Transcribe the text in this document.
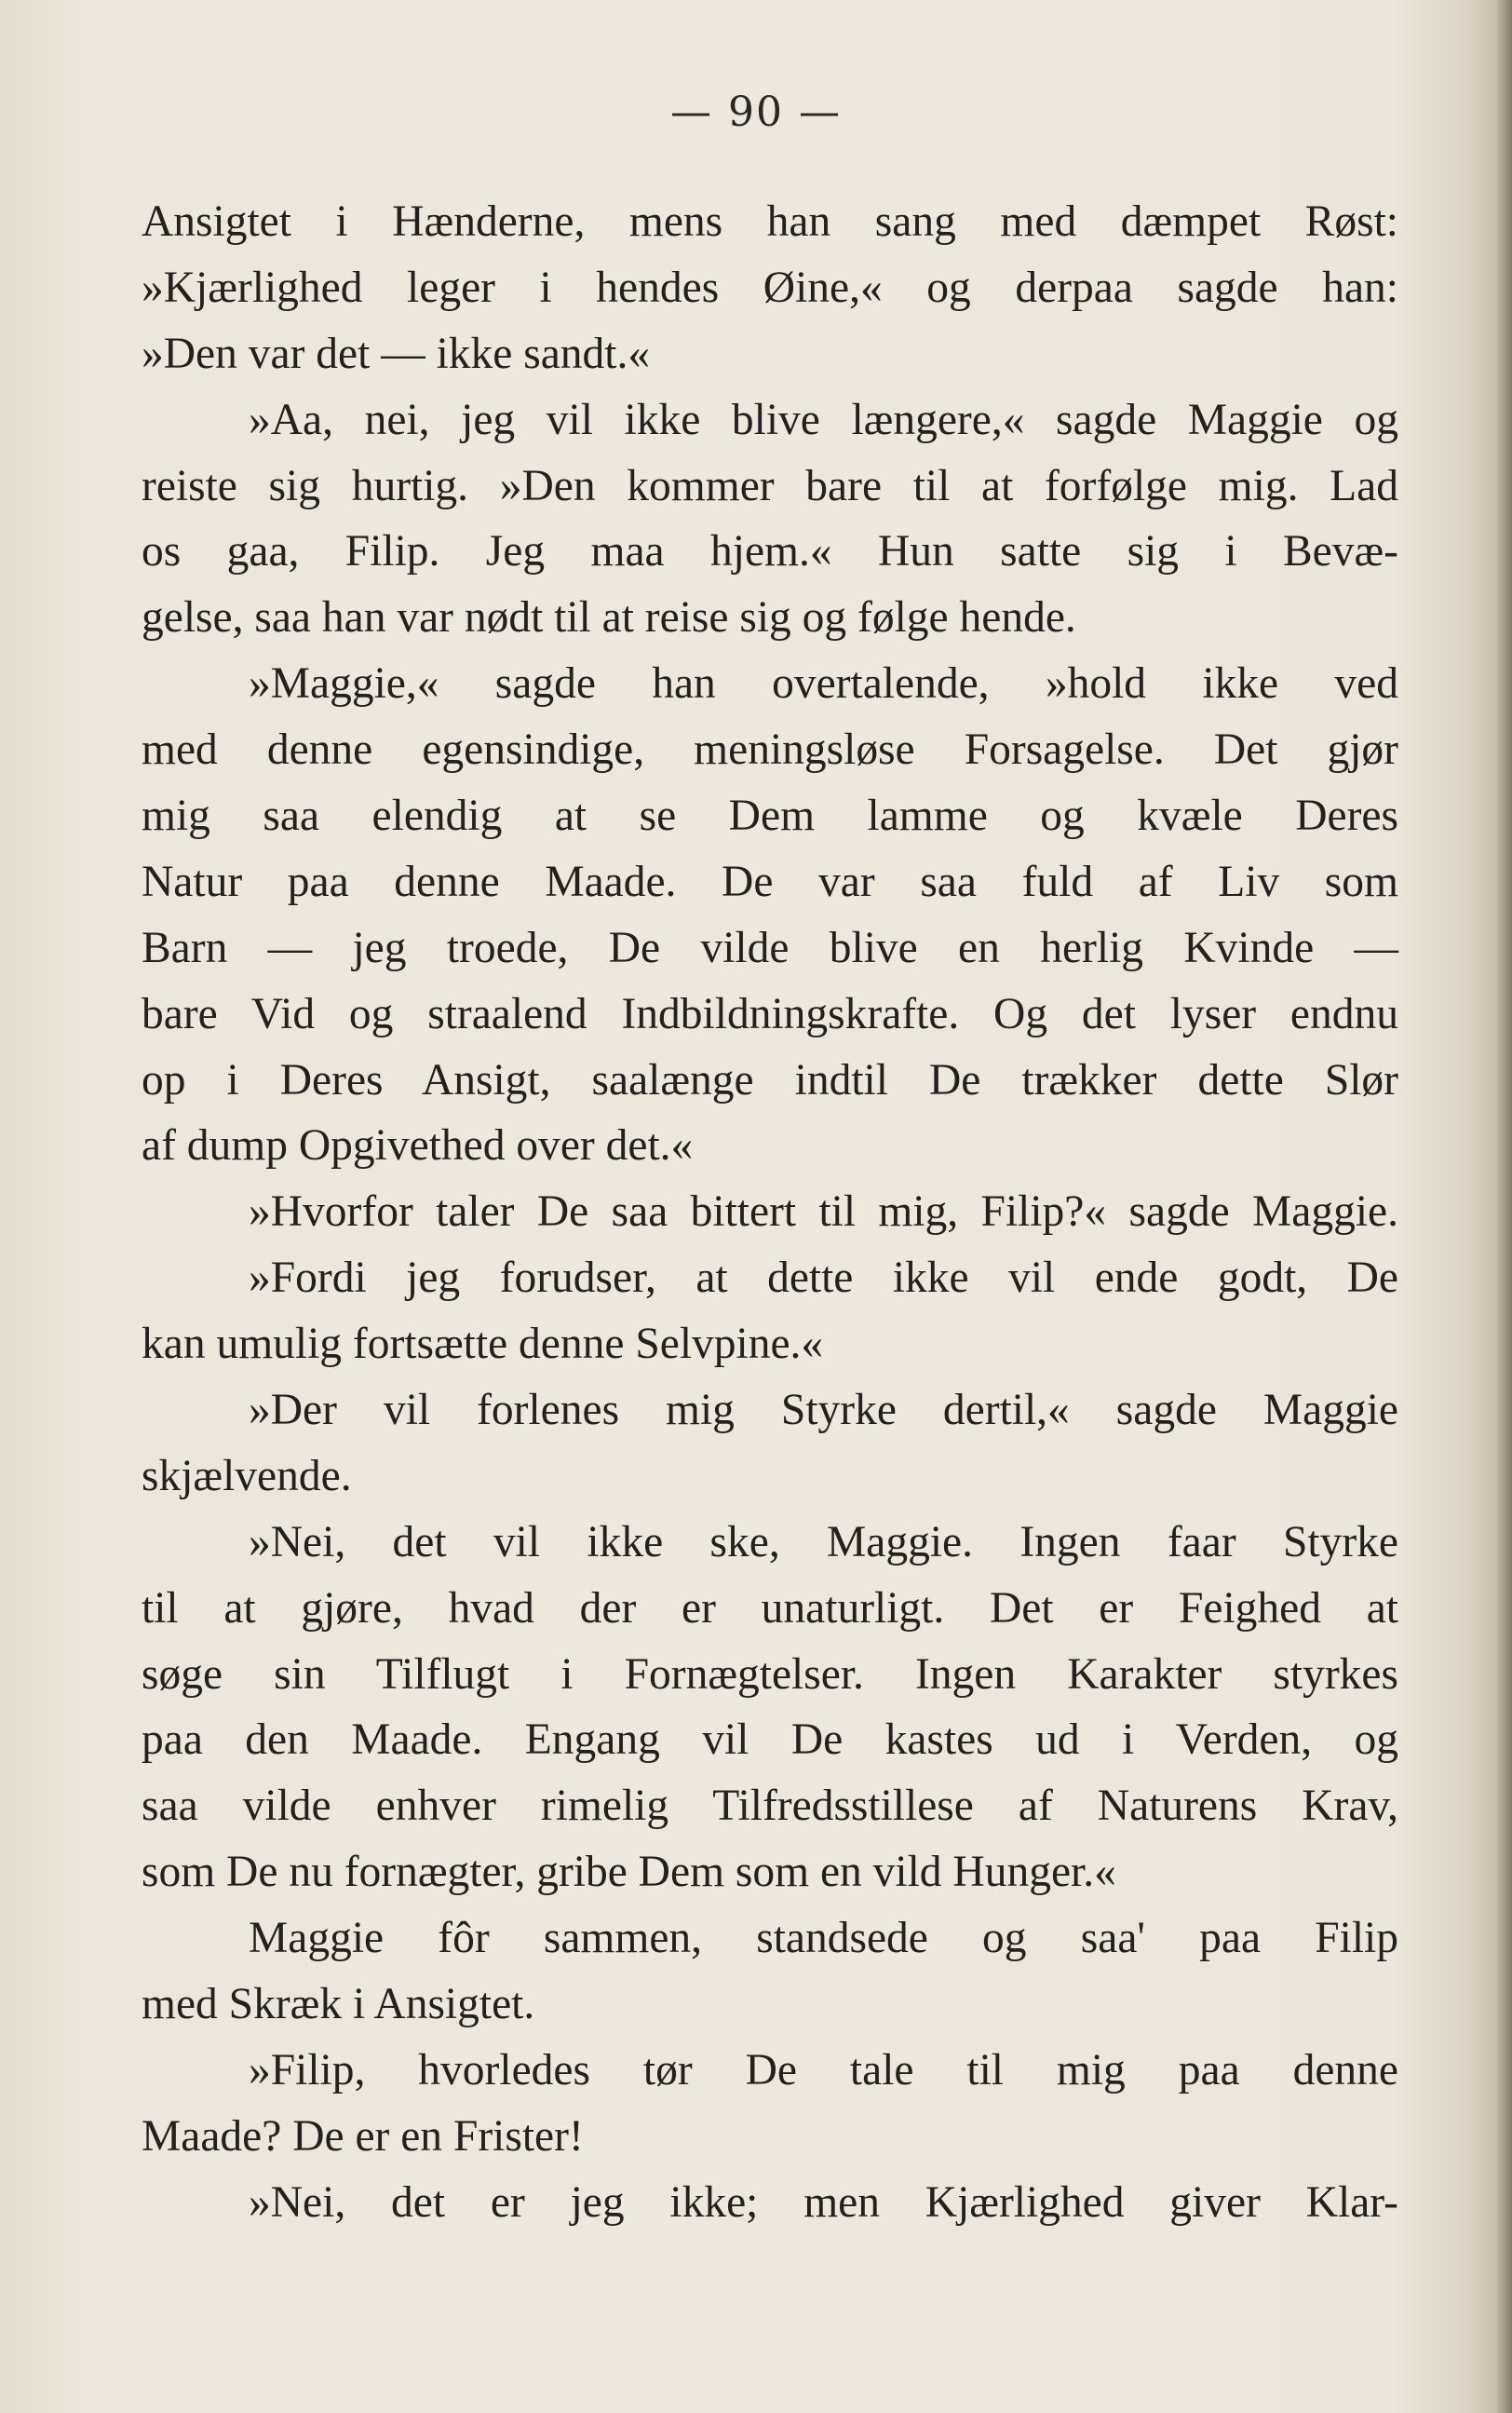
— 90 —
Ansigtet i Hænderne, mens han sang med dæmpet Røst:
»Kjærlighed leger i hendes Øine,« og derpaa sagde han:
»Den var det — ikke sandt.«
»Aa, nei, jeg vil ikke blive længere,« sagde Maggie og
reiste sig hurtig. »Den kommer bare til at forfølge mig. Lad
os gaa, Filip. Jeg maa hjem.« Hun satte sig i Bevæ-
gelse, saa han var nødt til at reise sig og følge hende.
»Maggie,« sagde han overtalende, »hold ikke ved
med denne egensindige, meningsløse Forsagelse. Det gjør
mig saa elendig at se Dem lamme og kvæle Deres
Natur paa denne Maade. De var saa fuld af Liv som
Barn — jeg troede, De vilde blive en herlig Kvinde —
bare Vid og straalend Indbildningskrafte. Og det lyser endnu
op i Deres Ansigt, saalænge indtil De trækker dette Slør
af dump Opgivethed over det.«
»Hvorfor taler De saa bittert til mig, Filip?« sagde Maggie.
»Fordi jeg forudser, at dette ikke vil ende godt, De
kan umulig fortsætte denne Selvpine.«
»Der vil forlenes mig Styrke dertil,« sagde Maggie
skjælvende.
»Nei, det vil ikke ske, Maggie. Ingen faar Styrke
til at gjøre, hvad der er unaturligt. Det er Feighed at
søge sin Tilflugt i Fornægtelser. Ingen Karakter styrkes
paa den Maade. Engang vil De kastes ud i Verden, og
saa vilde enhver rimelig Tilfredsstillese af Naturens Krav,
som De nu fornægter, gribe Dem som en vild Hunger.«
Maggie fôr sammen, standsede og saa' paa Filip
med Skræk i Ansigtet.
»Filip, hvorledes tør De tale til mig paa denne
Maade? De er en Frister!
»Nei, det er jeg ikke; men Kjærlighed giver Klar-
